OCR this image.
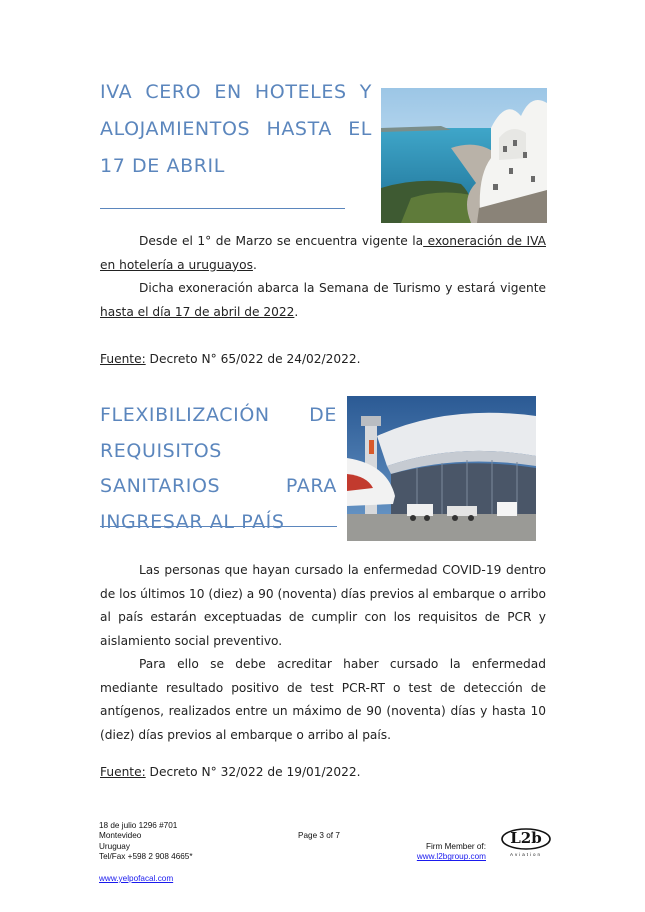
IVA CERO EN HOTELES Y ALOJAMIENTOS HASTA EL 17 DE ABRIL

Desde el 1° de Marzo se encuentra vigente la exoneración de IVA en hotelería a uruguayos.

Dicha exoneración abarca la Semana de Turismo y estará vigente hasta el día 17 de abril de 2022.

Fuente: Decreto N° 65/022 de 24/02/2022.
FLEXIBILIZACIÓN DE REQUISITOS SANITARIOS PARA INGRESAR AL PAÍS

Las personas que hayan cursado la enfermedad COVID-19 dentro de los últimos 10 (diez) a 90 (noventa) días previos al embarque o arribo al país estarán exceptuadas de cumplir con los requisitos de PCR y aislamiento social preventivo.

Para ello se debe acreditar haber cursado la enfermedad mediante resultado positivo de test PCR-RT o test de detección de antígenos, realizados entre un máximo de 90 (noventa) días y hasta 10 (diez) días previos al embarque o arribo al país.

Fuente: Decreto N° 32/022 de 19/01/2022.
18 de julio 1296 #701
Montevideo
Uruguay
Tel/Fax +598 2 908 4665*
Page 3 of 7
Firm Member of:
www.l2bgroup.com
L2b
Aviation
www.yelpofacal.com
